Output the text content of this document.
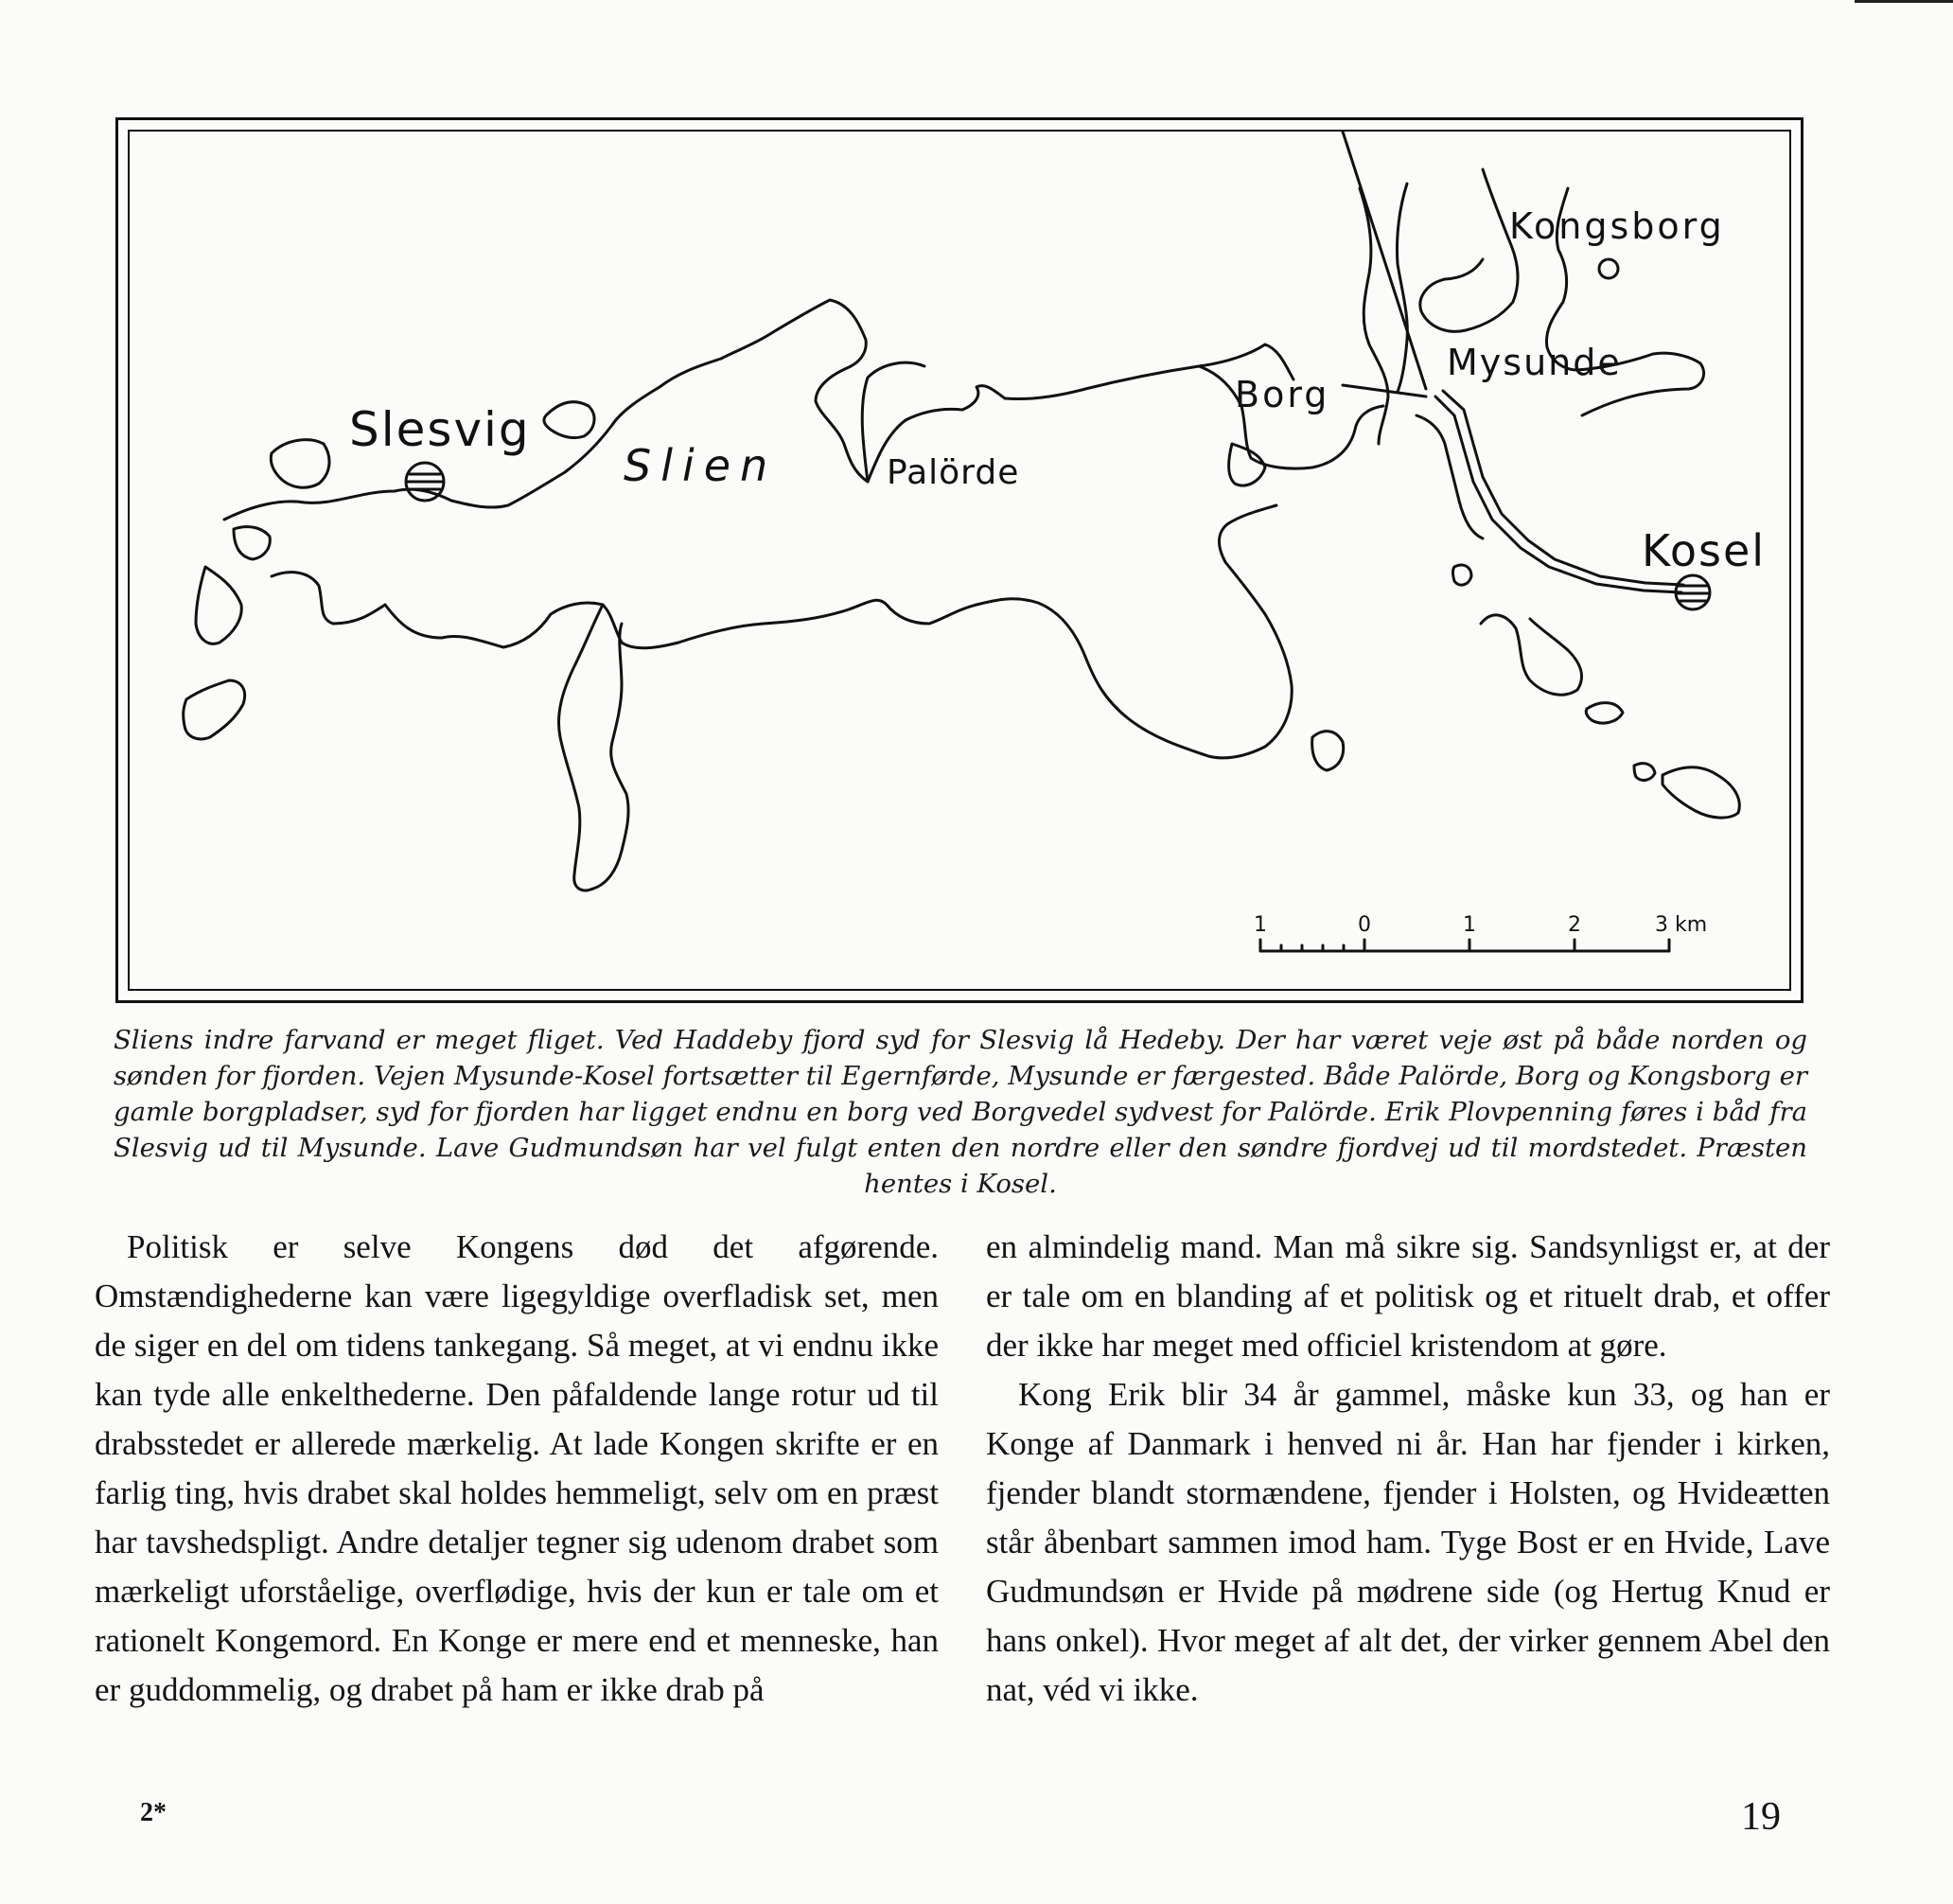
Slesvig
Slien	Palörde
Borg
Mysunde
Kongsborg
Kosel
1	0	1	2	3 km
Sliens indre farvand er meget fliget. Ved Haddeby fjord syd for Slesvig lå Hedeby. Der har været veje øst på både norden og sønden for fjorden. Vejen Mysunde-Kosel fortsætter til Egernførde, Mysunde er færgested. Både Palörde, Borg og Kongsborg er gamle borgpladser, syd for fjorden har ligget endnu en borg ved Borgvedel sydvest for Palörde. Erik Plovpenning føres i båd fra Slesvig ud til Mysunde. Lave Gudmundsøn har vel fulgt enten den nordre eller den søndre fjordvej ud til mordstedet. Præsten hentes i Kosel.

Politisk er selve Kongens død det afgørende. Omstændighederne kan være ligegyldige overfladisk set, men de siger en del om tidens tankegang. Så meget, at vi endnu ikke kan tyde alle enkelthederne. Den påfaldende lange rotur ud til drabsstedet er allerede mærkelig. At lade Kongen skrifte er en farlig ting, hvis drabet skal holdes hemmeligt, selv om en præst har tavshedspligt. Andre detaljer tegner sig udenom drabet som mærkeligt uforståelige, overflødige, hvis der kun er tale om et rationelt Kongemord. En Konge er mere end et menneske, han er guddommelig, og drabet på ham er ikke drab på

en almindelig mand. Man må sikre sig. Sandsynligst er, at der er tale om en blanding af et politisk og et rituelt drab, et offer der ikke har meget med officiel kristendom at gøre.

Kong Erik blir 34 år gammel, måske kun 33, og han er Konge af Danmark i henved ni år. Han har fjender i kirken, fjender blandt stormændene, fjender i Holsten, og Hvideætten står åbenbart sammen imod ham. Tyge Bost er en Hvide, Lave Gudmundsøn er Hvide på mødrene side (og Hertug Knud er hans onkel). Hvor meget af alt det, der virker gennem Abel den nat, véd vi ikke.

2*	19
